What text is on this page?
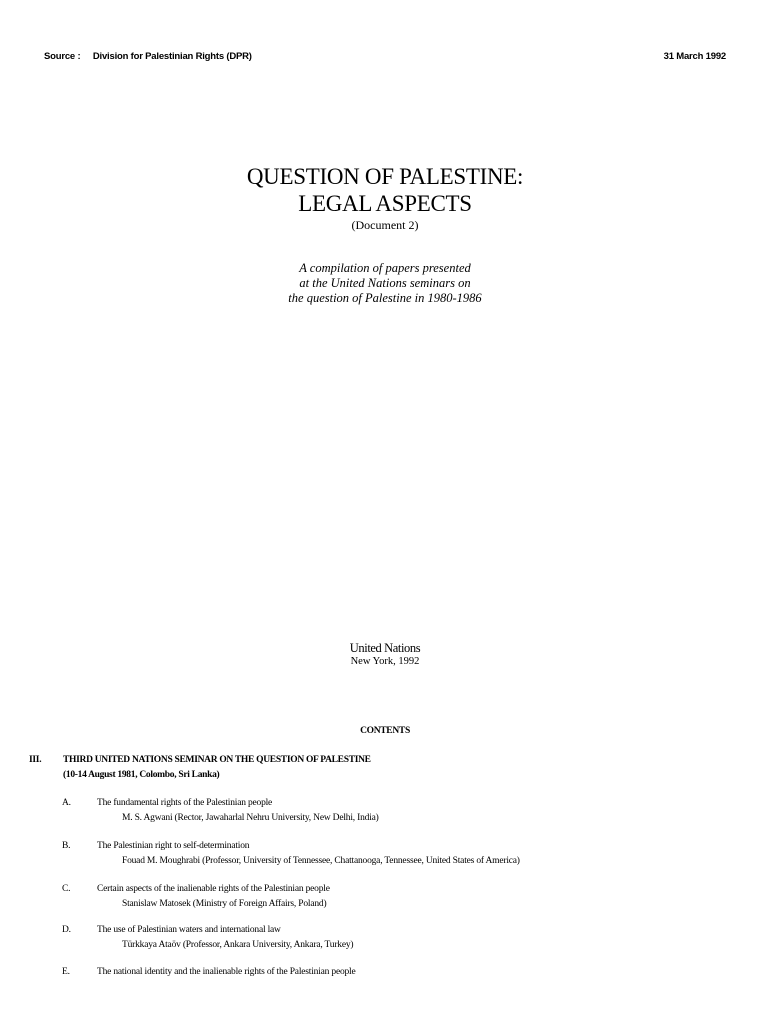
Source : Division for Palestinian Rights (DPR)	31 March 1992
QUESTION OF PALESTINE:
LEGAL ASPECTS
(Document 2)
A compilation of papers presented
at the United Nations seminars on
the question of Palestine in 1980-1986
United Nations
New York, 1992
CONTENTS
III. THIRD UNITED NATIONS SEMINAR ON THE QUESTION OF PALESTINE
(10-14 August 1981, Colombo, Sri Lanka)
A.	The fundamental rights of the Palestinian people
M. S. Agwani (Rector, Jawaharlal Nehru University, New Delhi, India)
B.	The Palestinian right to self-determination
Fouad M. Moughrabi (Professor, University of Tennessee, Chattanooga, Tennessee, United States of America)
C.	Certain aspects of the inalienable rights of the Palestinian people
Stanislaw Matosek (Ministry of Foreign Affairs, Poland)
D.	The use of Palestinian waters and international law
Türkkaya Ataöv (Professor, Ankara University, Ankara, Turkey)
E.	The national identity and the inalienable rights of the Palestinian people
